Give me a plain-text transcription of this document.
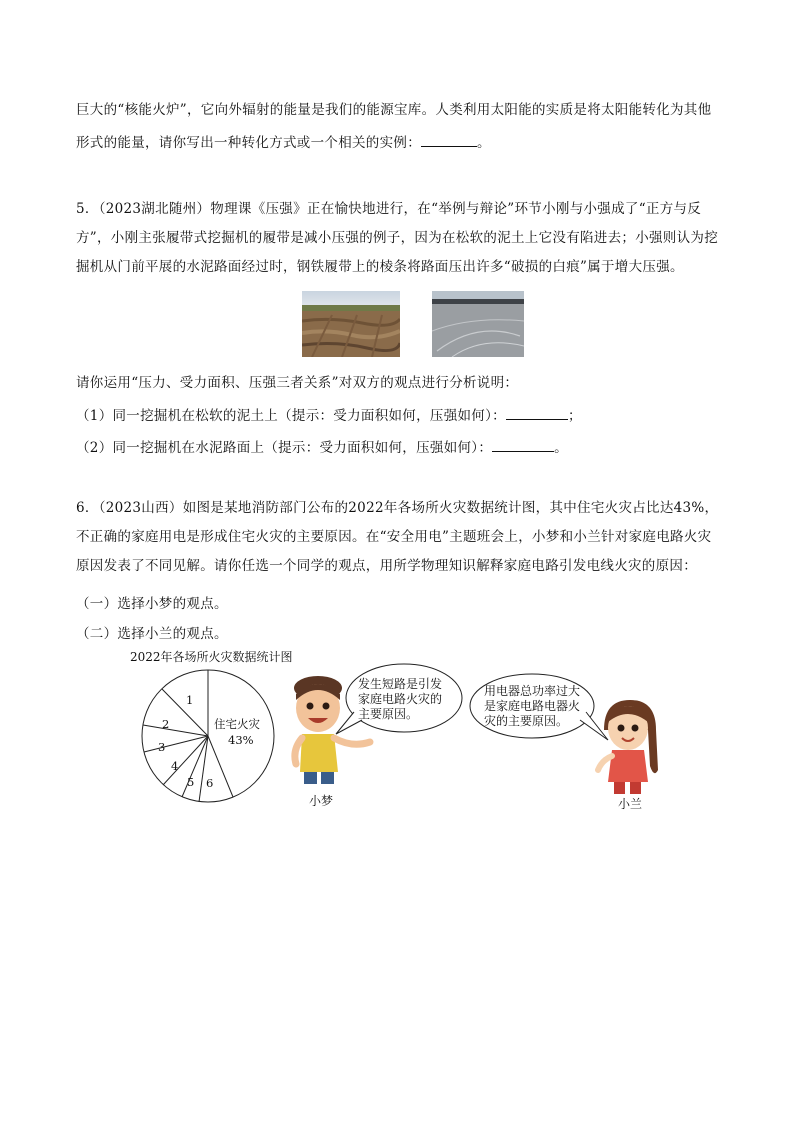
巨大的“核能火炉”，它向外辐射的能量是我们的能源宝库。人类利用太阳能的实质是将太阳能转化为其他
形式的能量，请你写出一种转化方式或一个相关的实例：	。
5．（2023湖北随州）物理课《压强》正在愉快地进行，在“举例与辩论”环节小刚与小强成了“正方与反方”，小刚主张履带式挖掘机的履带是减小压强的例子，因为在松软的泥土上它没有陷进去；小强则认为挖掘机从门前平展的水泥路面经过时，钢铁履带上的棱条将路面压出许多“破损的白痕”属于增大压强。
请你运用“压力、受力面积、压强三者关系”对双方的观点进行分析说明：
（1）同一挖掘机在松软的泥土上（提示：受力面积如何，压强如何）：	；
（2）同一挖掘机在水泥路面上（提示：受力面积如何，压强如何）：	。
6．（2023山西）如图是某地消防部门公布的2022年各场所火灾数据统计图，其中住宅火灾占比达43%，不正确的家庭用电是形成住宅火灾的主要原因。在“安全用电”主题班会上，小梦和小兰针对家庭电路火灾原因发表了不同见解。请你任选一个同学的观点，用所学物理知识解释家庭电路引发电线火灾的原因：
（一）选择小梦的观点。
（二）选择小兰的观点。
2022年各场所火灾数据统计图
1
2
3
4
5 6
住宅火灾
43%
小梦
发生短路是引发
家庭电路火灾的
主要原因。
用电器总功率过大
是家庭电路电器火
灾的主要原因。
小兰
